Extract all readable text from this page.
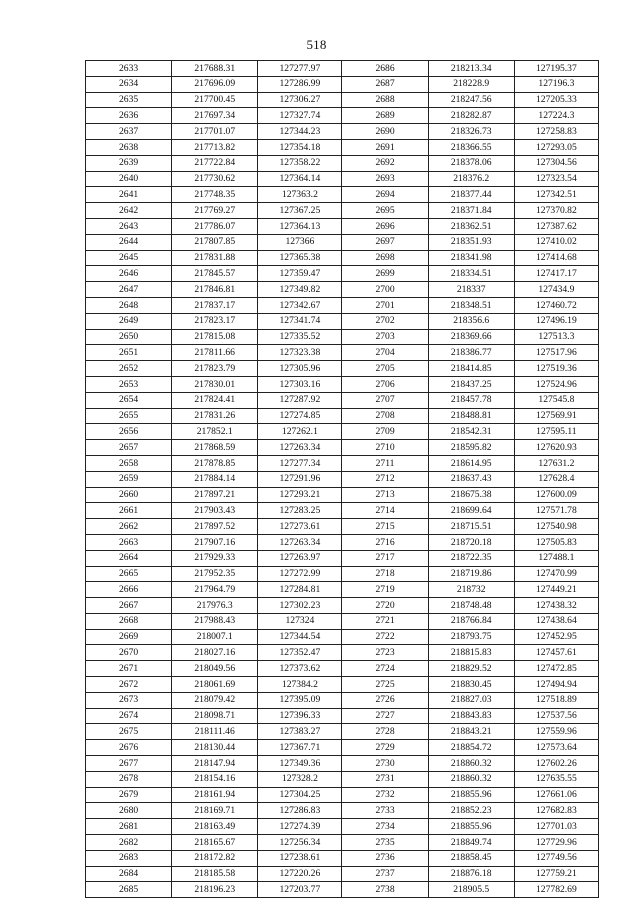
518
2633	217688.31	127277.97	2686	218213.34	127195.37
2634	217696.09	127286.99	2687	218228.9	127196.3
2635	217700.45	127306.27	2688	218247.56	127205.33
2636	217697.34	127327.74	2689	218282.87	127224.3
2637	217701.07	127344.23	2690	218326.73	127258.83
2638	217713.82	127354.18	2691	218366.55	127293.05
2639	217722.84	127358.22	2692	218378.06	127304.56
2640	217730.62	127364.14	2693	218376.2	127323.54
2641	217748.35	127363.2	2694	218377.44	127342.51
2642	217769.27	127367.25	2695	218371.84	127370.82
2643	217786.07	127364.13	2696	218362.51	127387.62
2644	217807.85	127366	2697	218351.93	127410.02
2645	217831.88	127365.38	2698	218341.98	127414.68
2646	217845.57	127359.47	2699	218334.51	127417.17
2647	217846.81	127349.82	2700	218337	127434.9
2648	217837.17	127342.67	2701	218348.51	127460.72
2649	217823.17	127341.74	2702	218356.6	127496.19
2650	217815.08	127335.52	2703	218369.66	127513.3
2651	217811.66	127323.38	2704	218386.77	127517.96
2652	217823.79	127305.96	2705	218414.85	127519.36
2653	217830.01	127303.16	2706	218437.25	127524.96
2654	217824.41	127287.92	2707	218457.78	127545.8
2655	217831.26	127274.85	2708	218488.81	127569.91
2656	217852.1	127262.1	2709	218542.31	127595.11
2657	217868.59	127263.34	2710	218595.82	127620.93
2658	217878.85	127277.34	2711	218614.95	127631.2
2659	217884.14	127291.96	2712	218637.43	127628.4
2660	217897.21	127293.21	2713	218675.38	127600.09
2661	217903.43	127283.25	2714	218699.64	127571.78
2662	217897.52	127273.61	2715	218715.51	127540.98
2663	217907.16	127263.34	2716	218720.18	127505.83
2664	217929.33	127263.97	2717	218722.35	127488.1
2665	217952.35	127272.99	2718	218719.86	127470.99
2666	217964.79	127284.81	2719	218732	127449.21
2667	217976.3	127302.23	2720	218748.48	127438.32
2668	217988.43	127324	2721	218766.84	127438.64
2669	218007.1	127344.54	2722	218793.75	127452.95
2670	218027.16	127352.47	2723	218815.83	127457.61
2671	218049.56	127373.62	2724	218829.52	127472.85
2672	218061.69	127384.2	2725	218830.45	127494.94
2673	218079.42	127395.09	2726	218827.03	127518.89
2674	218098.71	127396.33	2727	218843.83	127537.56
2675	218111.46	127383.27	2728	218843.21	127559.96
2676	218130.44	127367.71	2729	218854.72	127573.64
2677	218147.94	127349.36	2730	218860.32	127602.26
2678	218154.16	127328.2	2731	218860.32	127635.55
2679	218161.94	127304.25	2732	218855.96	127661.06
2680	218169.71	127286.83	2733	218852.23	127682.83
2681	218163.49	127274.39	2734	218855.96	127701.03
2682	218165.67	127256.34	2735	218849.74	127729.96
2683	218172.82	127238.61	2736	218858.45	127749.56
2684	218185.58	127220.26	2737	218876.18	127759.21
2685	218196.23	127203.77	2738	218905.5	127782.69
